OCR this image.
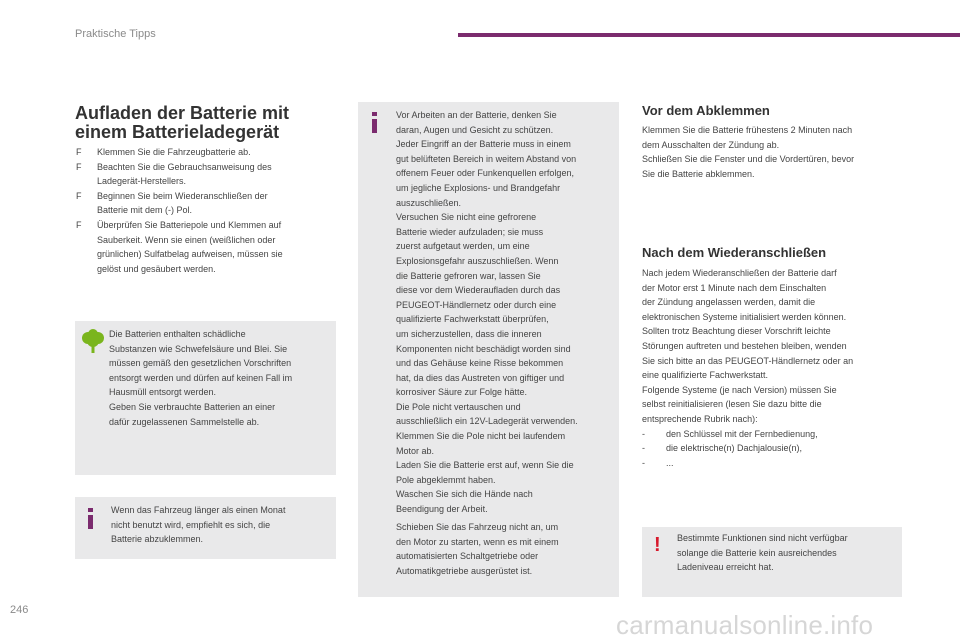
Praktische Tipps
Aufladen der Batterie mit
einem Batterieladegerät
F Klemmen Sie die Fahrzeugbatterie ab.
F Beachten Sie die Gebrauchsanweisung des
Ladegerät-Herstellers.
F Beginnen Sie beim Wiederanschließen der
Batterie mit dem (-) Pol.
F Überprüfen Sie Batteriepole und Klemmen auf
Sauberkeit. Wenn sie einen (weißlichen oder
grünlichen) Sulfatbelag aufweisen, müssen sie
gelöst und gesäubert werden.
Die Batterien enthalten schädliche
Substanzen wie Schwefelsäure und Blei. Sie
müssen gemäß den gesetzlichen Vorschriften
entsorgt werden und dürfen auf keinen Fall im
Hausmüll entsorgt werden.
Geben Sie verbrauchte Batterien an einer
dafür zugelassenen Sammelstelle ab.
Wenn das Fahrzeug länger als einen Monat
nicht benutzt wird, empfiehlt es sich, die
Batterie abzuklemmen.
Vor Arbeiten an der Batterie, denken Sie
daran, Augen und Gesicht zu schützen.
Jeder Eingriff an der Batterie muss in einem
gut belüfteten Bereich in weitem Abstand von
offenem Feuer oder Funkenquellen erfolgen,
um jegliche Explosions- und Brandgefahr
auszuschließen.
Versuchen Sie nicht eine gefrorene
Batterie wieder aufzuladen; sie muss
zuerst aufgetaut werden, um eine
Explosionsgefahr auszuschließen. Wenn
die Batterie gefroren war, lassen Sie
diese vor dem Wiederaufladen durch das
PEUGEOT-Händlernetz oder durch eine
qualifizierte Fachwerkstatt überprüfen,
um sicherzustellen, dass die inneren
Komponenten nicht beschädigt worden sind
und das Gehäuse keine Risse bekommen
hat, da dies das Austreten von giftiger und
korrosiver Säure zur Folge hätte.
Die Pole nicht vertauschen und
ausschließlich ein 12V-Ladegerät verwenden.
Klemmen Sie die Pole nicht bei laufendem
Motor ab.
Laden Sie die Batterie erst auf, wenn Sie die
Pole abgeklemmt haben.
Waschen Sie sich die Hände nach
Beendigung der Arbeit.
Schieben Sie das Fahrzeug nicht an, um
den Motor zu starten, wenn es mit einem
automatisierten Schaltgetriebe oder
Automatikgetriebe ausgerüstet ist.
Vor dem Abklemmen
Klemmen Sie die Batterie frühestens 2 Minuten nach
dem Ausschalten der Zündung ab.
Schließen Sie die Fenster und die Vordertüren, bevor
Sie die Batterie abklemmen.
Nach dem Wiederanschließen
Nach jedem Wiederanschließen der Batterie darf
der Motor erst 1 Minute nach dem Einschalten
der Zündung angelassen werden, damit die
elektronischen Systeme initialisiert werden können.
Sollten trotz Beachtung dieser Vorschrift leichte
Störungen auftreten und bestehen bleiben, wenden
Sie sich bitte an das PEUGEOT-Händlernetz oder an
eine qualifizierte Fachwerkstatt.
Folgende Systeme (je nach Version) müssen Sie
selbst reinitialisieren (lesen Sie dazu bitte die
entsprechende Rubrik nach):
- den Schlüssel mit der Fernbedienung,
- die elektrische(n) Dachjalousie(n),
- ...
! Bestimmte Funktionen sind nicht verfügbar
solange die Batterie kein ausreichendes
Ladeniveau erreicht hat.
246	carmanualsonline.info
